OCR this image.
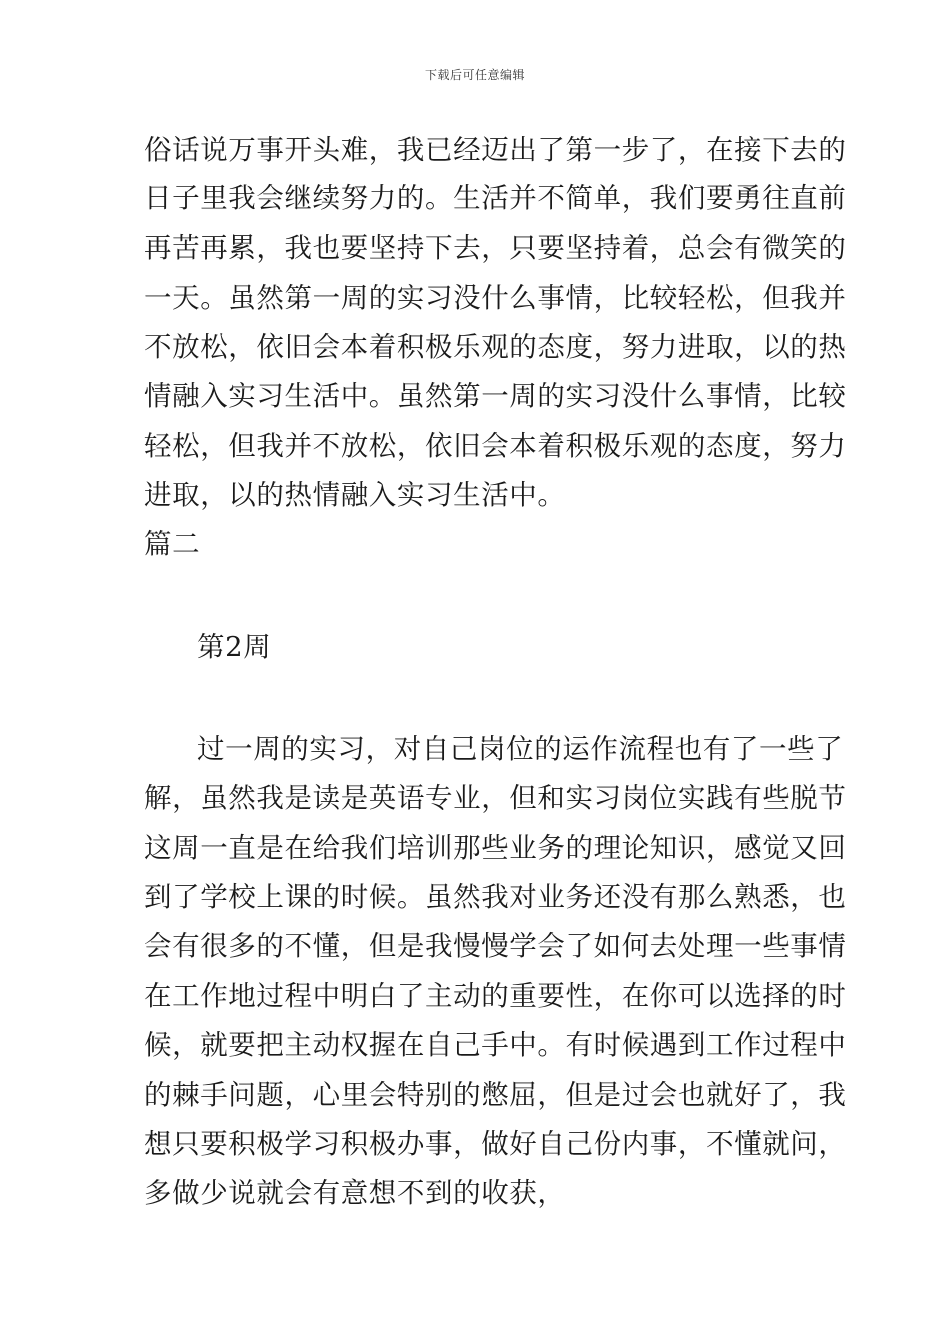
下载后可任意编辑
俗话说万事开头难，我已经迈出了第一步了，在接下去的
日子里我会继续努力的。生活并不简单，我们要勇往直前
再苦再累，我也要坚持下去，只要坚持着，总会有微笑的
一天。虽然第一周的实习没什么事情，比较轻松，但我并
不放松，依旧会本着积极乐观的态度，努力进取，以的热
情融入实习生活中。虽然第一周的实习没什么事情，比较
轻松，但我并不放松，依旧会本着积极乐观的态度，努力
进取，以的热情融入实习生活中。
篇二
第2周
过一周的实习，对自己岗位的运作流程也有了一些了
解，虽然我是读是英语专业，但和实习岗位实践有些脱节
这周一直是在给我们培训那些业务的理论知识，感觉又回
到了学校上课的时候。虽然我对业务还没有那么熟悉，也
会有很多的不懂，但是我慢慢学会了如何去处理一些事情
在工作地过程中明白了主动的重要性，在你可以选择的时
候，就要把主动权握在自己手中。有时候遇到工作过程中
的棘手问题，心里会特别的憋屈，但是过会也就好了，我
想只要积极学习积极办事，做好自己份内事，不懂就问，
多做少说就会有意想不到的收获，
